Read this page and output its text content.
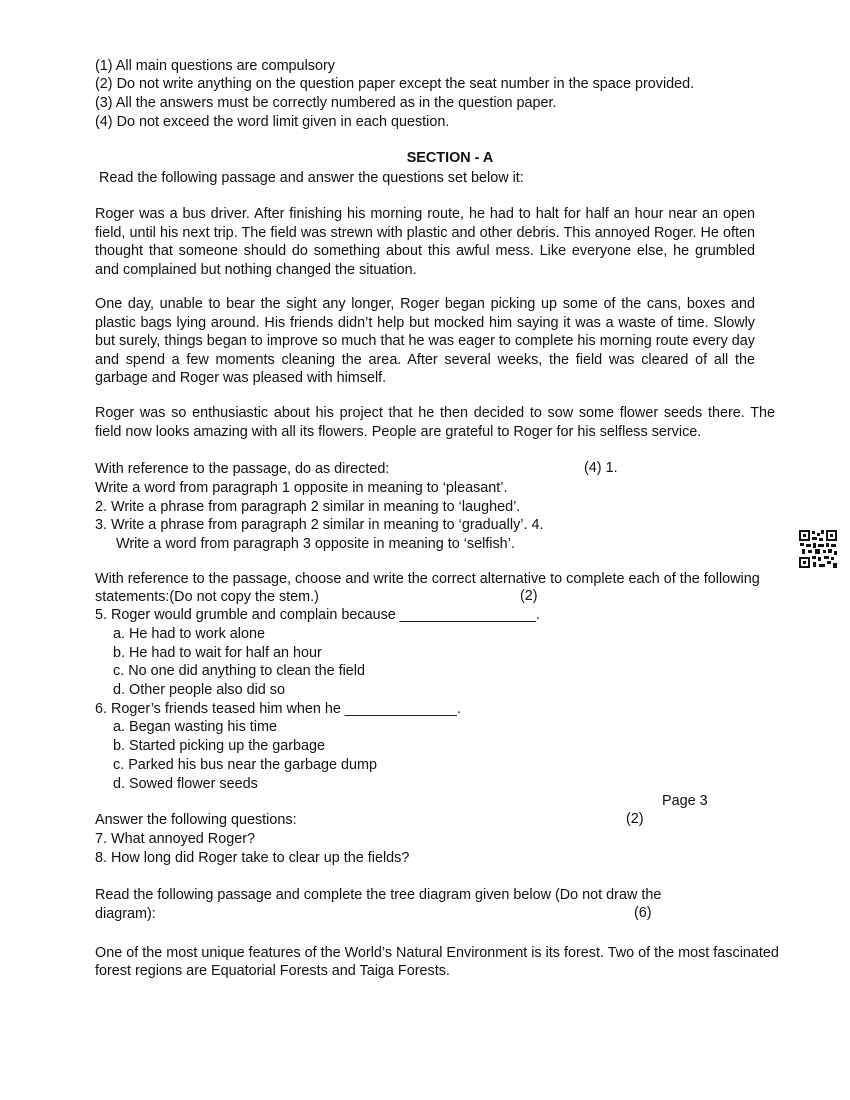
(1) All main questions are compulsory
(2) Do not write anything on the question paper except the seat number in the space provided.
(3) All the answers must be correctly numbered as in the question paper.
(4) Do not exceed the word limit given in each question.
SECTION - A
Read the following passage and answer the questions set below it:
Roger was a bus driver. After finishing his morning route, he had to halt for half an hour near an open field, until his next trip. The field was strewn with plastic and other debris. This annoyed Roger. He often thought that someone should do something about this awful mess. Like everyone else, he grumbled and complained but nothing changed the situation.
One day, unable to bear the sight any longer, Roger began picking up some of the cans, boxes and plastic bags lying around. His friends didn’t help but mocked him saying it was a waste of time. Slowly but surely, things began to improve so much that he was eager to complete his morning route every day and spend a few moments cleaning the area. After several weeks, the field was cleared of all the garbage and Roger was pleased with himself.
Roger was so enthusiastic about his project that he then decided to sow some flower seeds there. The field now looks amazing with all its flowers. People are grateful to Roger for his selfless service.
With reference to the passage, do as directed:	(4) 1.
Write a word from paragraph 1 opposite in meaning to ‘pleasant’.
2. Write a phrase from paragraph 2 similar in meaning to ‘laughed’.
3. Write a phrase from paragraph 2 similar in meaning to ‘gradually’. 4.
Write a word from paragraph 3 opposite in meaning to ‘selfish’.
With reference to the passage, choose and write the correct alternative to complete each of the following
statements:(Do not copy the stem.)	(2)
5. Roger would grumble and complain because _________________.
a. He had to work alone
b. He had to wait for half an hour
c. No one did anything to clean the field
d. Other people also did so
6. Roger’s friends teased him when he ______________.
a. Began wasting his time
b. Started picking up the garbage
c. Parked his bus near the garbage dump
d. Sowed flower seeds
Page 3
Answer the following questions:	(2)
7. What annoyed Roger?
8. How long did Roger take to clear up the fields?
Read the following passage and complete the tree diagram given below (Do not draw the
diagram):	(6)
One of the most unique features of the World’s Natural Environment is its forest. Two of the most fascinated
forest regions are Equatorial Forests and Taiga Forests.
